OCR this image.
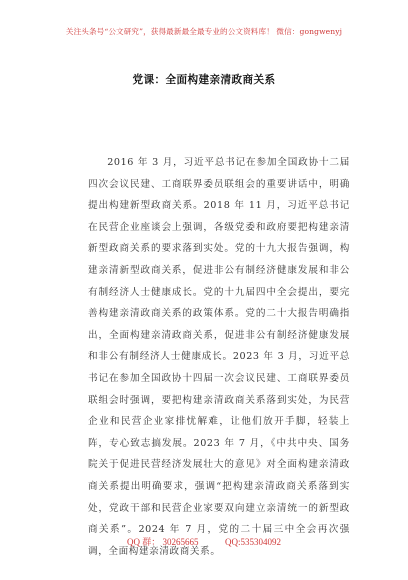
关注头条号“公文研究”，获得最新最全最专业的公文资料库！ 微信：gongwenyj
党课：全面构建亲清政商关系

2016 年 3 月，习近平总书记在参加全国政协十二届四次会议民建、工商联界委员联组会的重要讲话中，明确提出构建新型政商关系。2018 年 11 月，习近平总书记在民营企业座谈会上强调，各级党委和政府要把构建亲清新型政商关系的要求落到实处。党的十九大报告强调，构建亲清新型政商关系，促进非公有制经济健康发展和非公有制经济人士健康成长。党的十九届四中全会提出，要完善构建亲清政商关系的政策体系。党的二十大报告明确指出，全面构建亲清政商关系，促进非公有制经济健康发展和非公有制经济人士健康成长。2023 年 3 月，习近平总书记在参加全国政协十四届一次会议民建、工商联界委员联组会时强调，要把构建亲清政商关系落到实处，为民营企业和民营企业家排忧解难，让他们放开手脚，轻装上阵，专心致志搞发展。2023 年 7 月，《中共中央、国务院关于促进民营经济发展壮大的意见》对全面构建亲清政商关系提出明确要求，强调“把构建亲清政商关系落到实处，党政干部和民营企业家要双向建立亲清统一的新型政商关系”。2024 年 7 月，党的二十届三中全会再次强调，全面构建亲清政商关系。

QQ 群： 30265665	QQ:535304092
